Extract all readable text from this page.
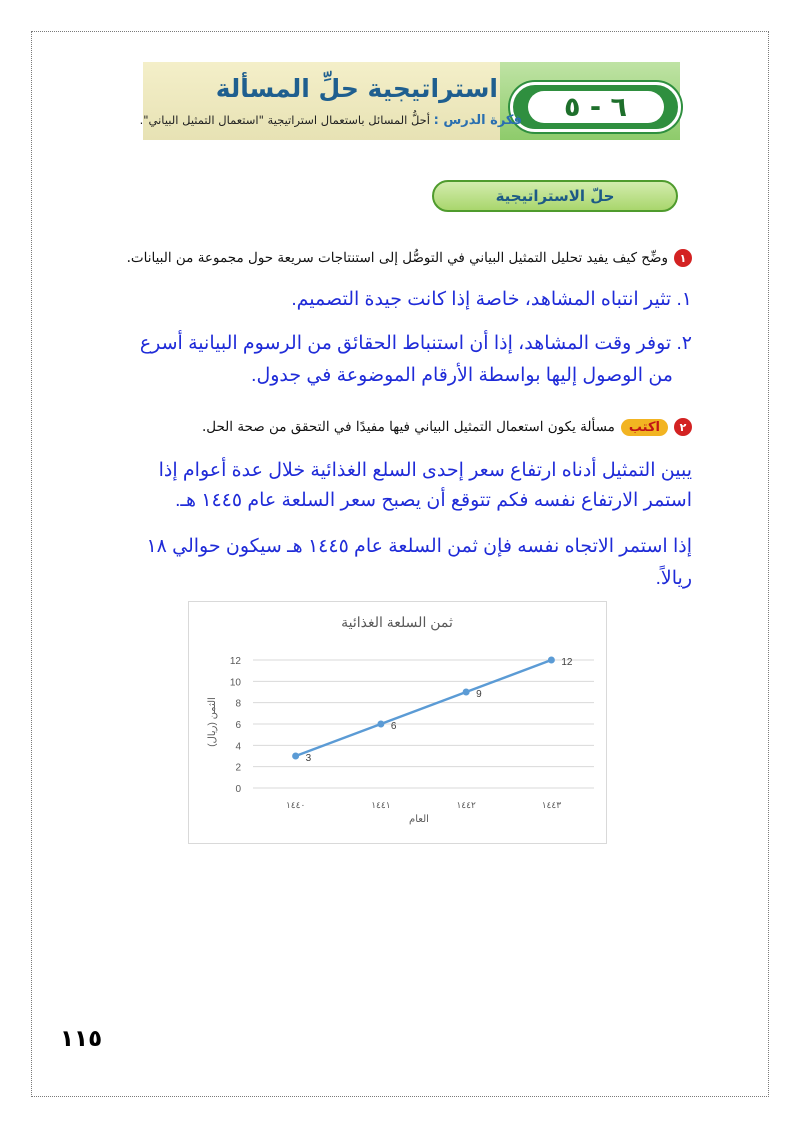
٦ - ٥
استراتيجية حلِّ المسألة
فكرة الدرس : أحلُّ المسائل باستعمال استراتيجية "استعمال التمثيل البياني".
حلّ الاستراتيجية
١
وضِّح كيف يفيد تحليل التمثيل البياني في التوصُّل إلى استنتاجات سريعة حول مجموعة من البيانات.
١. تثير انتباه المشاهد، خاصة إذا كانت جيدة التصميم.
٢. توفر وقت المشاهد، إذا أن استنباط الحقائق من الرسوم البيانية أسرع
من الوصول إليها بواسطة الأرقام الموضوعة في جدول.
٢
اكتب
مسألة يكون استعمال التمثيل البياني فيها مفيدًا في التحقق من صحة الحل.
يبين التمثيل أدناه ارتفاع سعر إحدى السلع الغذائية خلال عدة أعوام إذا
استمر الارتفاع نفسه فكم تتوقع أن يصبح سعر السلعة عام ١٤٤٥ هـ.
إذا استمر الاتجاه نفسه فإن ثمن السلعة عام ١٤٤٥ هـ سيكون حوالي ١٨
ريالاً.
ثمن السلعة الغذائية
0
2
4
6
8
10
12
١٤٤٠	١٤٤١	١٤٤٢	١٤٤٣
3
6
9
12
العام
الثمن (ريال)
١١٥
